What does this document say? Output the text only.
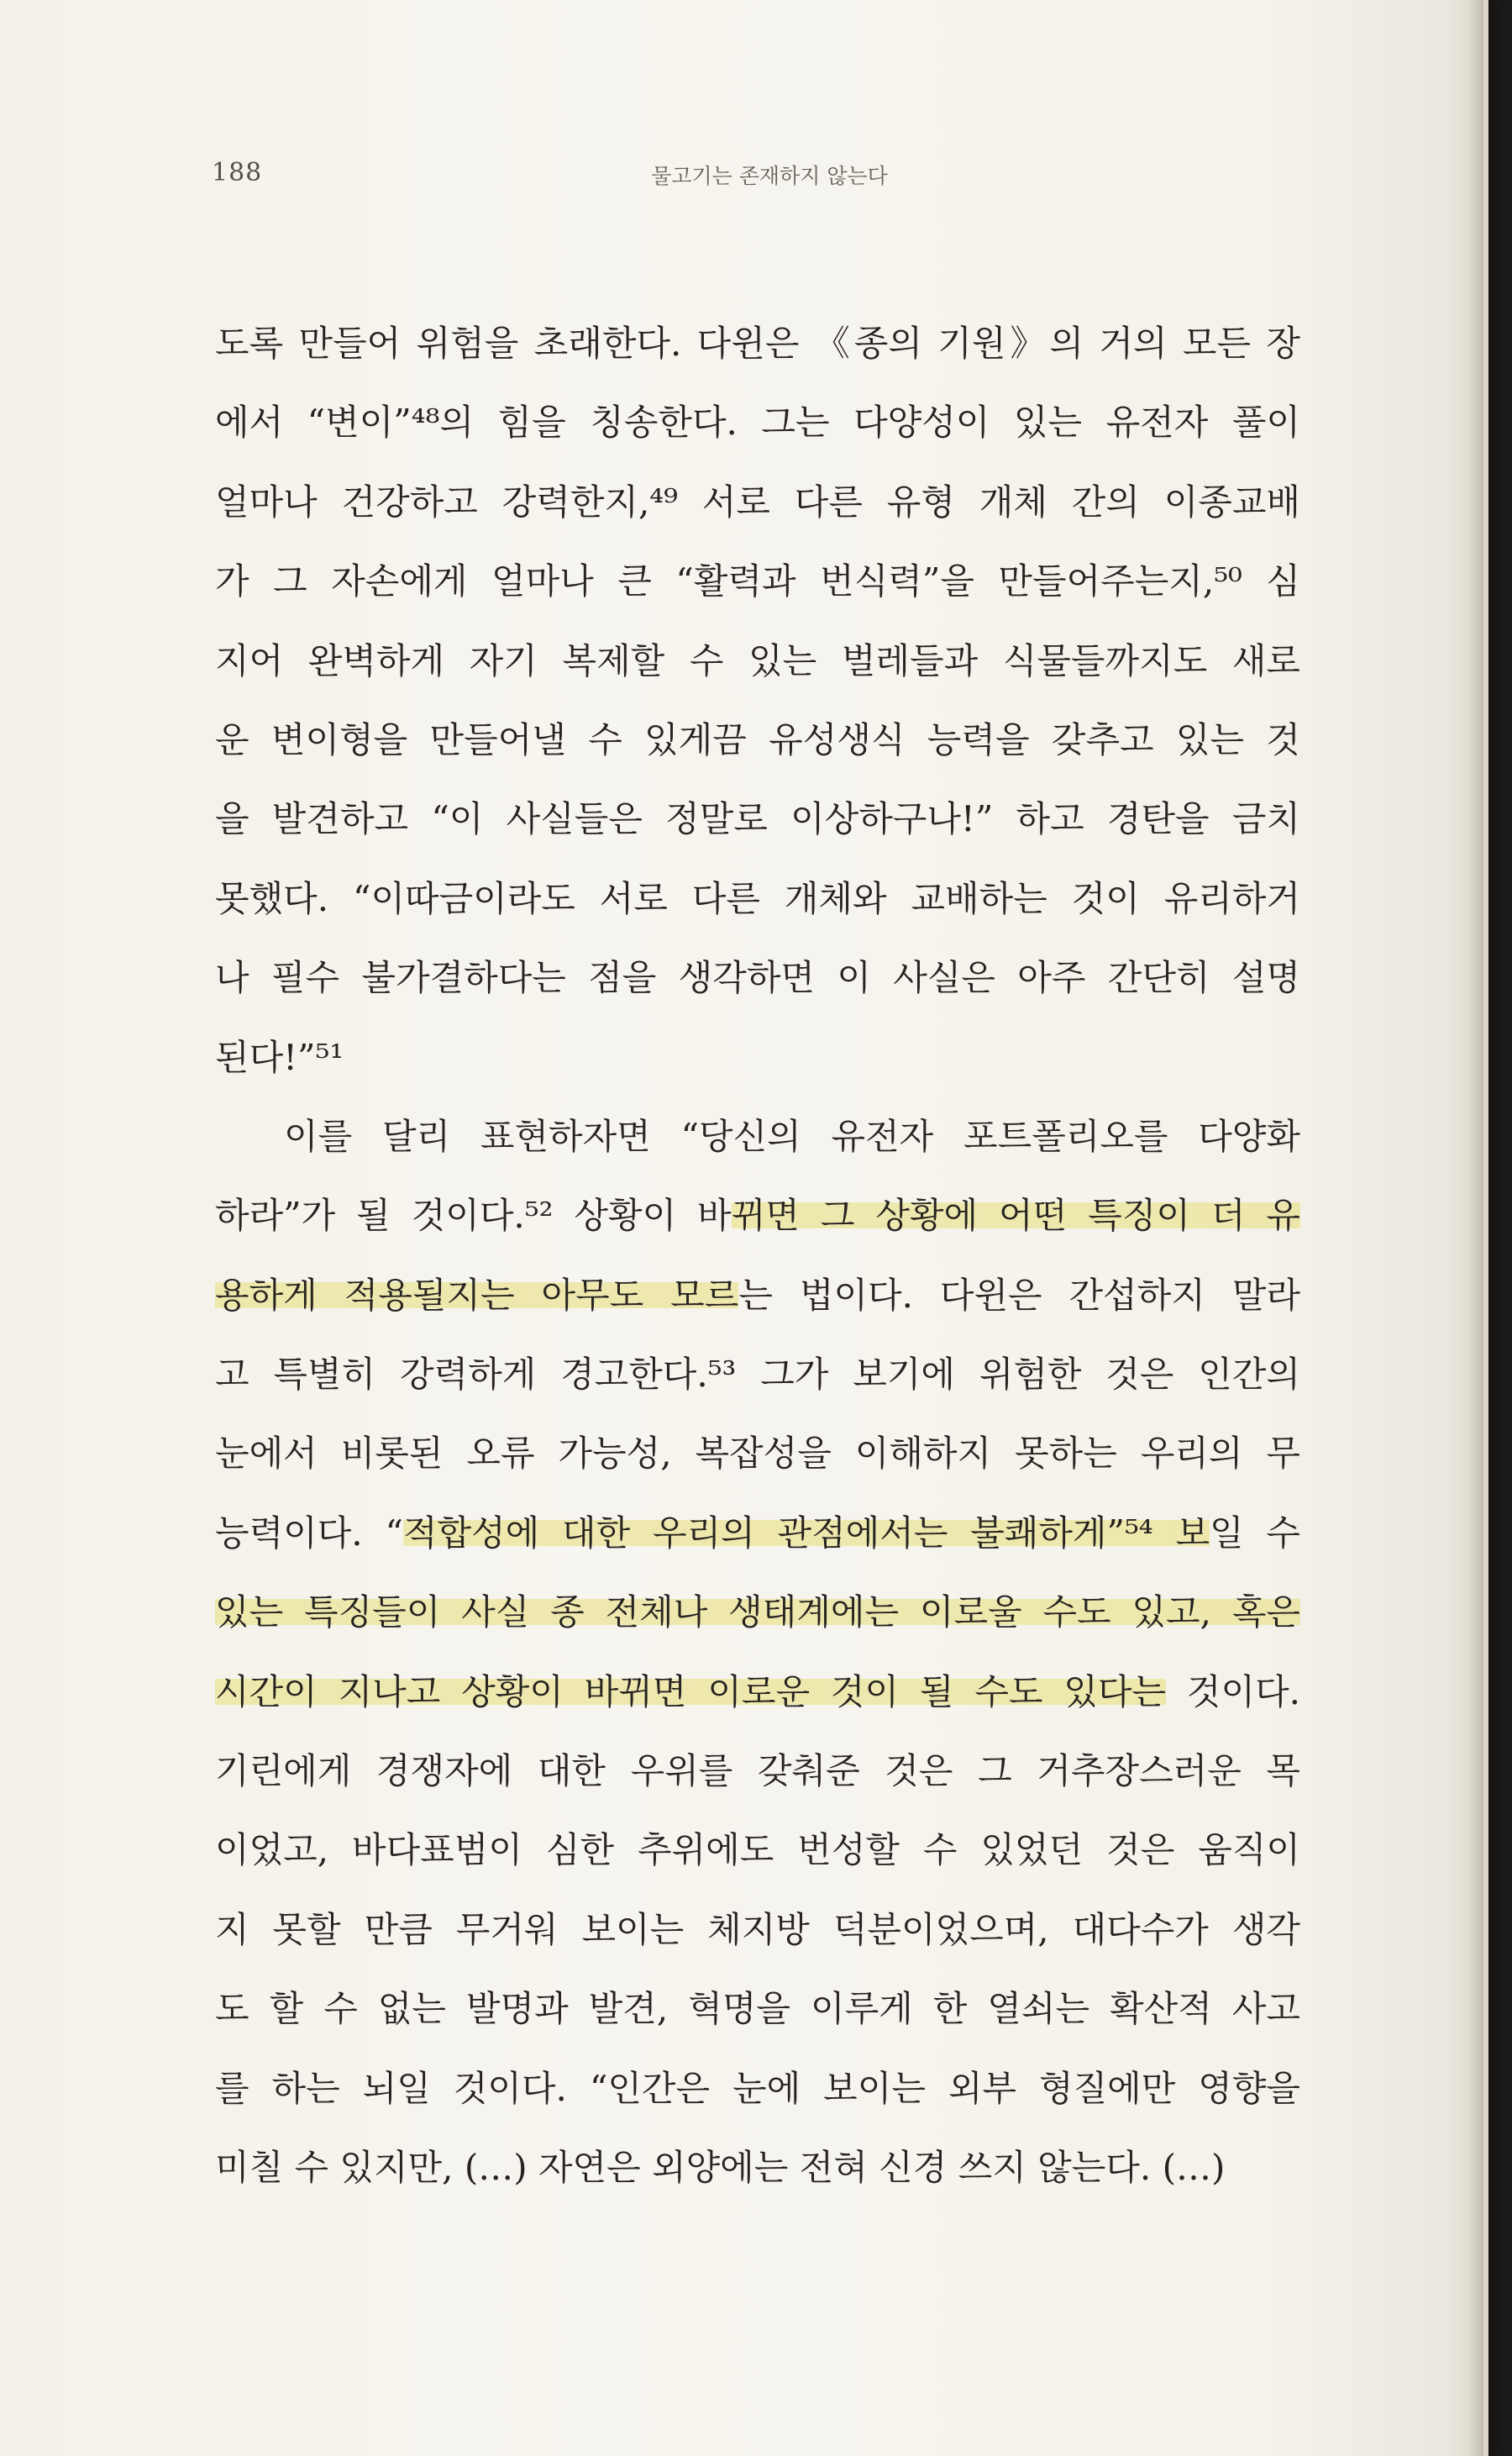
188	물고기는 존재하지 않는다
도록 만들어 위험을 초래한다. 다윈은 《종의 기원》의 거의 모든 장
에서 “변이”⁴⁸의 힘을 칭송한다. 그는 다양성이 있는 유전자 풀이
얼마나 건강하고 강력한지,⁴⁹ 서로 다른 유형 개체 간의 이종교배
가 그 자손에게 얼마나 큰 “활력과 번식력”을 만들어주는지,⁵⁰ 심
지어 완벽하게 자기 복제할 수 있는 벌레들과 식물들까지도 새로
운 변이형을 만들어낼 수 있게끔 유성생식 능력을 갖추고 있는 것
을 발견하고 “이 사실들은 정말로 이상하구나!” 하고 경탄을 금치
못했다. “이따금이라도 서로 다른 개체와 교배하는 것이 유리하거
나 필수 불가결하다는 점을 생각하면 이 사실은 아주 간단히 설명
된다!”⁵¹
이를 달리 표현하자면 “당신의 유전자 포트폴리오를 다양화
하라”가 될 것이다.⁵² 상황이 바뀌면 그 상황에 어떤 특징이 더 유
용하게 적용될지는 아무도 모르는 법이다. 다윈은 간섭하지 말라
고 특별히 강력하게 경고한다.⁵³ 그가 보기에 위험한 것은 인간의
눈에서 비롯된 오류 가능성, 복잡성을 이해하지 못하는 우리의 무
능력이다. “적합성에 대한 우리의 관점에서는 불쾌하게”⁵⁴ 보일 수
있는 특징들이 사실 종 전체나 생태계에는 이로울 수도 있고, 혹은
시간이 지나고 상황이 바뀌면 이로운 것이 될 수도 있다는 것이다.
기린에게 경쟁자에 대한 우위를 갖춰준 것은 그 거추장스러운 목
이었고, 바다표범이 심한 추위에도 번성할 수 있었던 것은 움직이
지 못할 만큼 무거워 보이는 체지방 덕분이었으며, 대다수가 생각
도 할 수 없는 발명과 발견, 혁명을 이루게 한 열쇠는 확산적 사고
를 하는 뇌일 것이다. “인간은 눈에 보이는 외부 형질에만 영향을
미칠 수 있지만, (…) 자연은 외양에는 전혀 신경 쓰지 않는다. (…)
